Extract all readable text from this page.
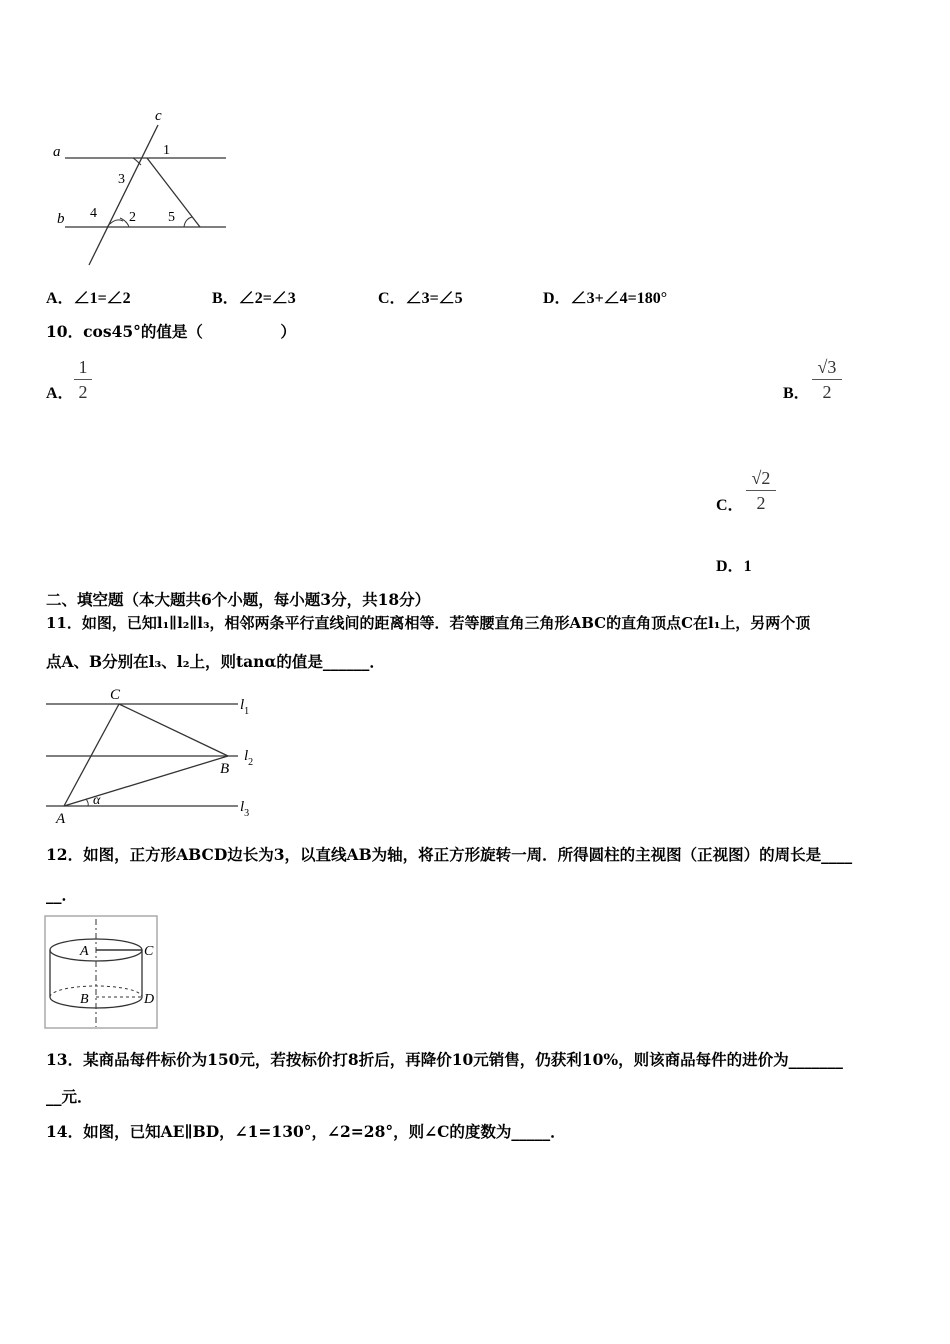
c
a
b
1
3
4 2 5
A．∠1=∠2	B．∠2=∠3	C．∠3=∠5	D．∠3+∠4=180°
10．cos45°的值是（　　　　　）
A．
1
2	B．
√3
2
C．
√2
2
D．1
二、填空题（本大题共6个小题，每小题3分，共18分）
11．如图，已知l₁∥l₂∥l₃，相邻两条平行直线间的距离相等．若等腰直角三角形ABC的直角顶点C在l₁上，另两个顶
点A、B分别在l₃、l₂上，则tanα的值是______．
C
B
A
α
$l_1$
$l_2$
$l_3$
12．如图，正方形ABCD边长为3，以直线AB为轴，将正方形旋转一周．所得圆柱的主视图（正视图）的周长是____
__．
A	C
B	D
13．某商品每件标价为150元，若按标价打8折后，再降价10元销售，仍获利10%，则该商品每件的进价为_______
__元．
14．如图，已知AE∥BD，∠1=130°，∠2=28°，则∠C的度数为_____．
